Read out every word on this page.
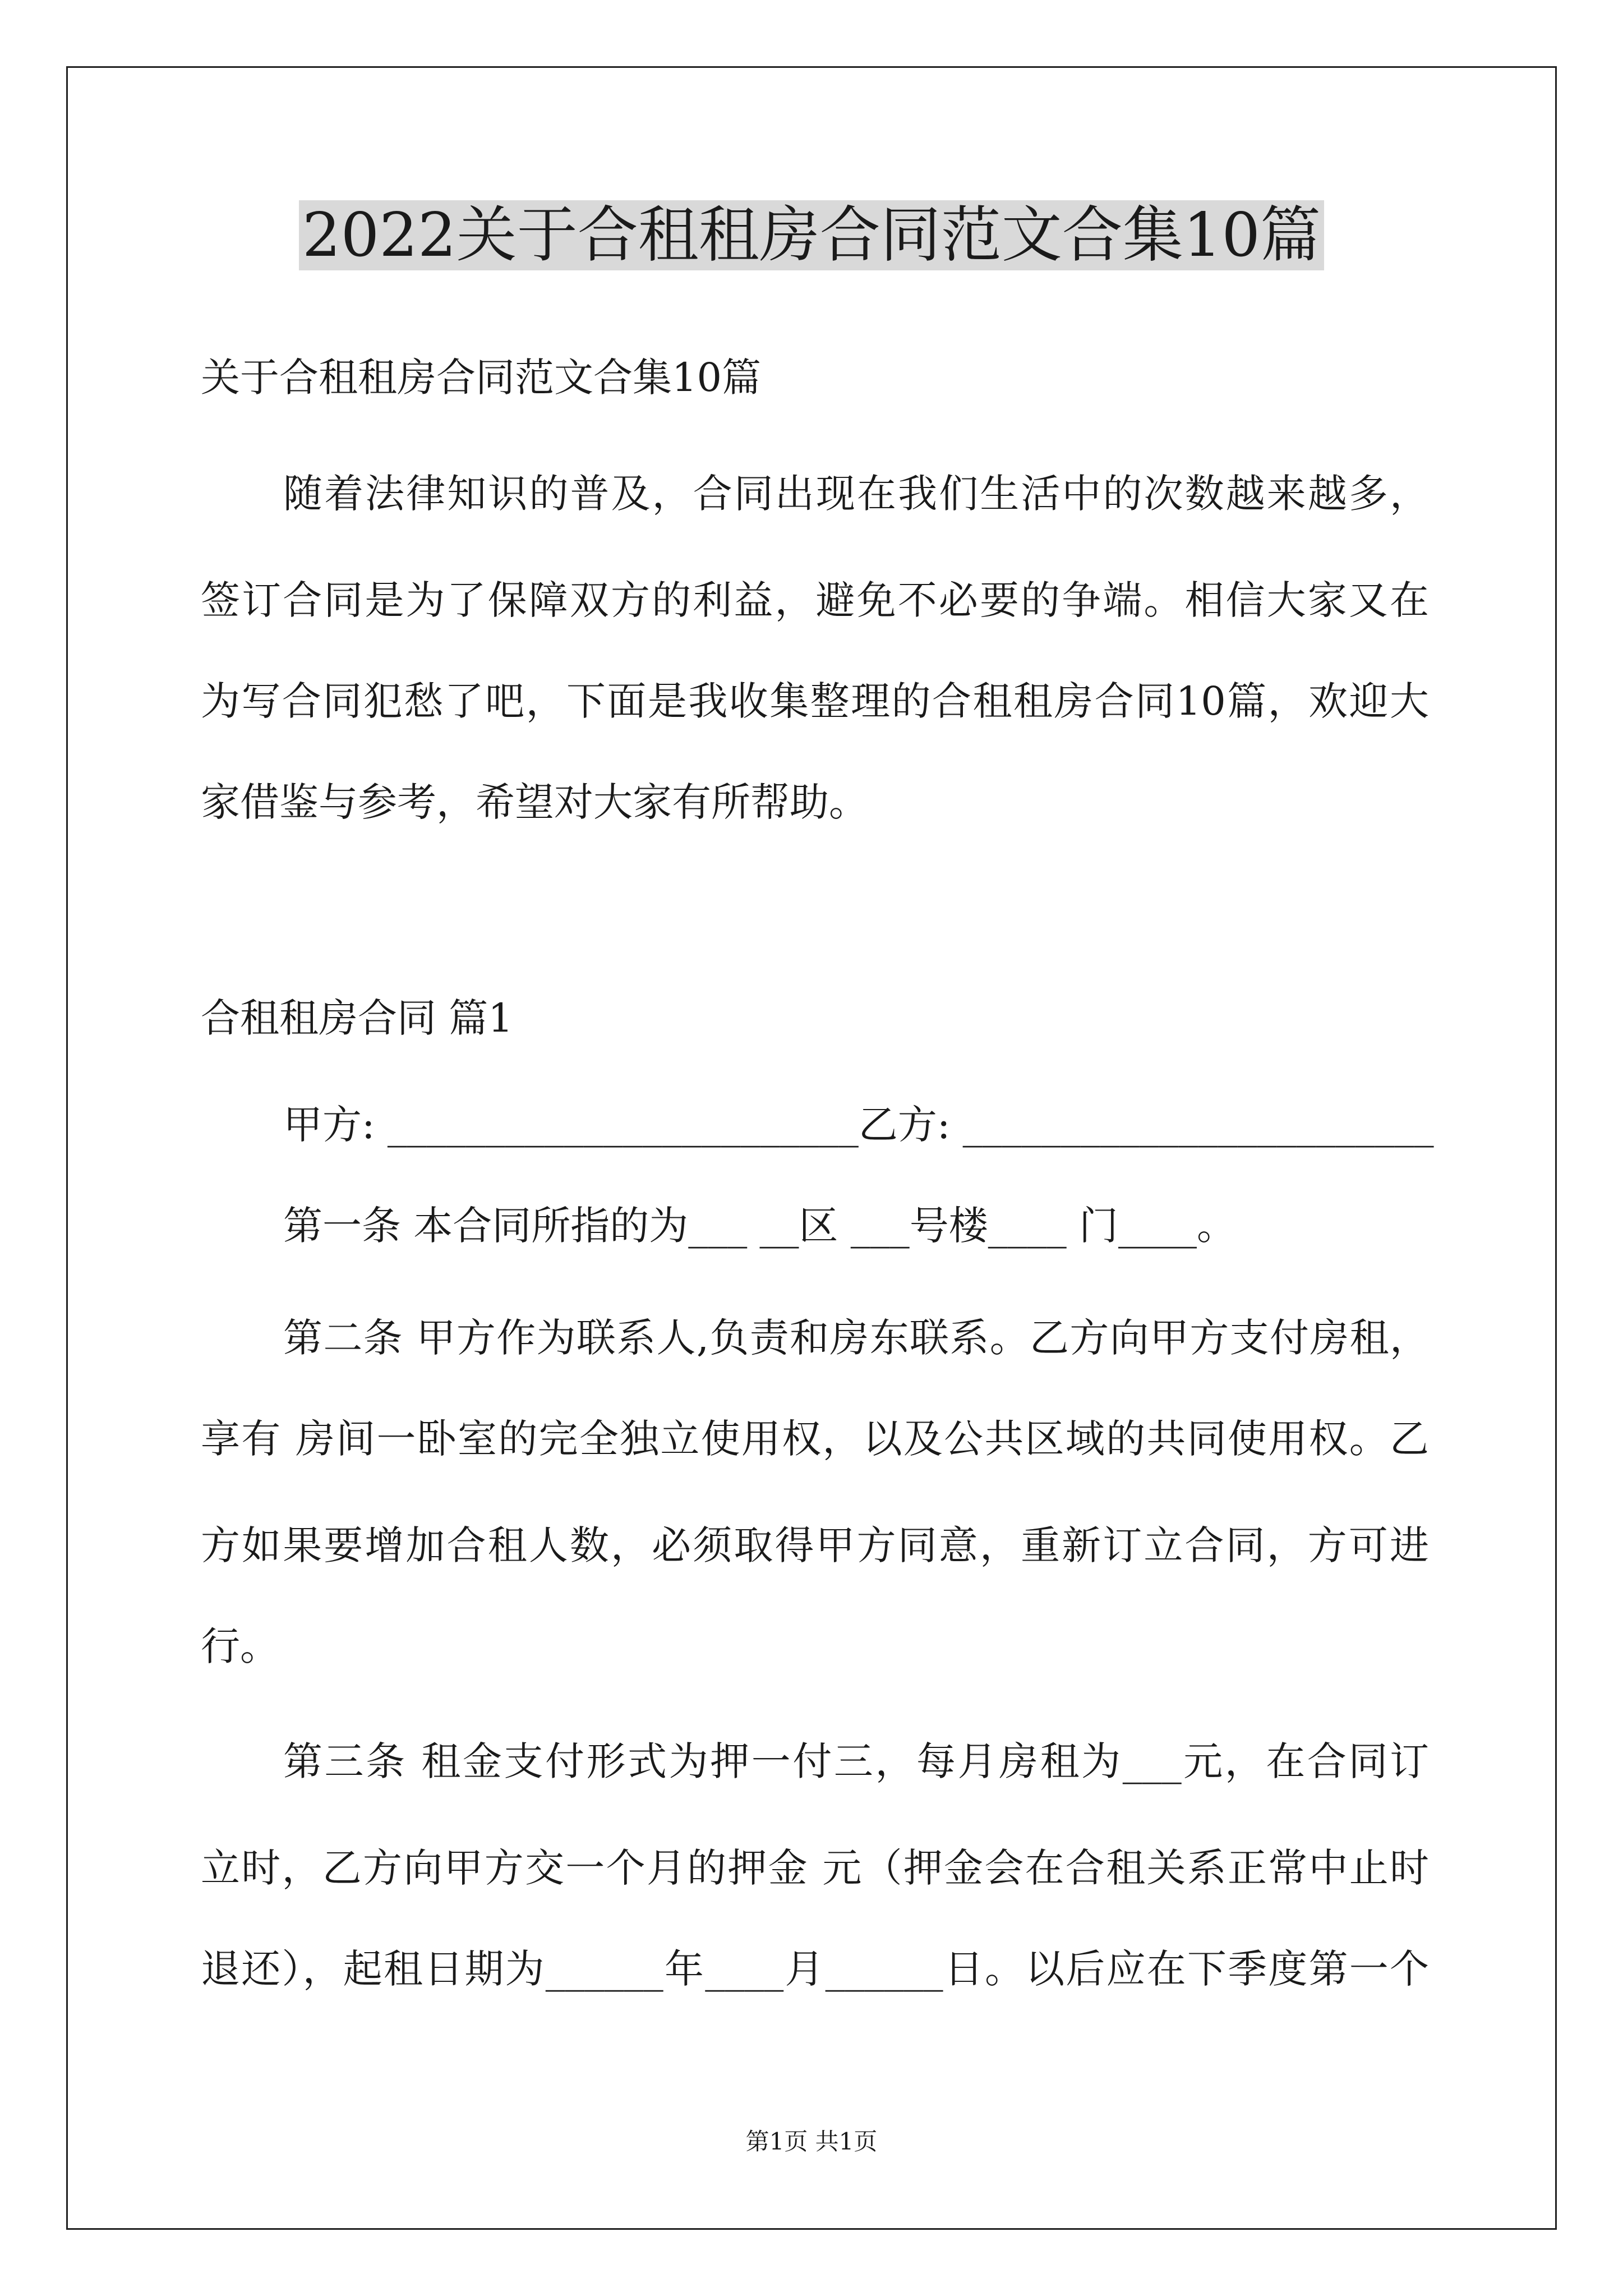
2022关于合租租房合同范文合集10篇
关于合租租房合同范文合集10篇
随着法律知识的普及，合同出现在我们生活中的次数越来越多，
签订合同是为了保障双方的利益，避免不必要的争端。相信大家又在
为写合同犯愁了吧，下面是我收集整理的合租租房合同10篇，欢迎大
家借鉴与参考，希望对大家有所帮助。
合租租房合同 篇1
甲方: ________________________乙方: ________________________
第一条 本合同所指的为___ __区 ___号楼____ 门____。
第二条 甲方作为联系人,负责和房东联系。乙方向甲方支付房租，
享有 房间一卧室的完全独立使用权，以及公共区域的共同使用权。乙
方如果要增加合租人数，必须取得甲方同意，重新订立合同，方可进
行。
第三条 租金支付形式为押一付三，每月房租为___元，在合同订
立时，乙方向甲方交一个月的押金 元（押金会在合租关系正常中止时
退还），起租日期为______年____月______日。以后应在下季度第一个
第1页 共1页
